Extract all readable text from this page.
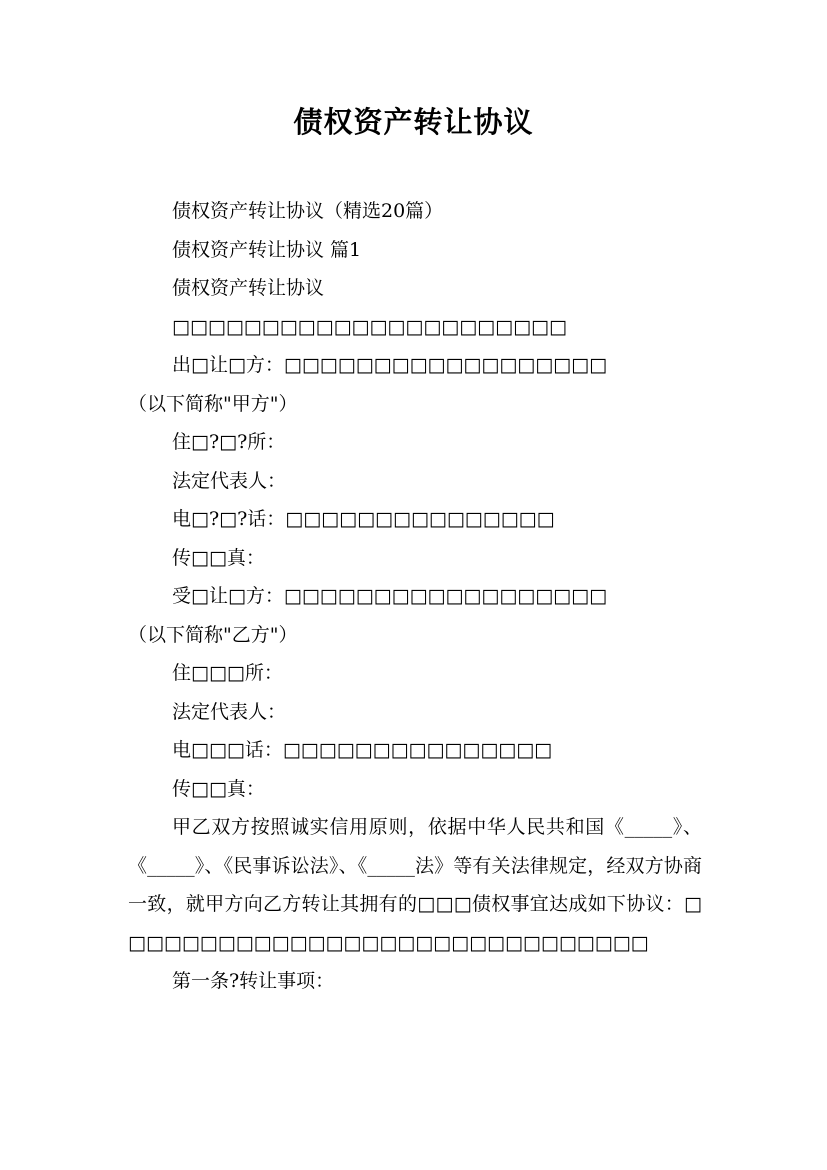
债权资产转让协议

债权资产转让协议（精选20篇）

债权资产转让协议 篇1

债权资产转让协议

□□□□□□□□□□□□□□□□□□□□□□

出□让□方：□□□□□□□□□□□□□□□□□□

（以下简称"甲方"）

住□?□?所：

法定代表人：

电□?□?话：□□□□□□□□□□□□□□□

传□□真：

受□让□方：□□□□□□□□□□□□□□□□□□

（以下简称"乙方"）

住□□□所：

法定代表人：

电□□□话：□□□□□□□□□□□□□□□

传□□真：

甲乙双方按照诚实信用原则，依据中华人民共和国《_____》、《_____》、《民事诉讼法》、《_____法》等有关法律规定，经双方协商一致，就甲方向乙方转让其拥有的□□□债权事宜达成如下协议：□□□□□□□□□□□□□□□□□□□□□□□□□□□□□□

第一条?转让事项：
